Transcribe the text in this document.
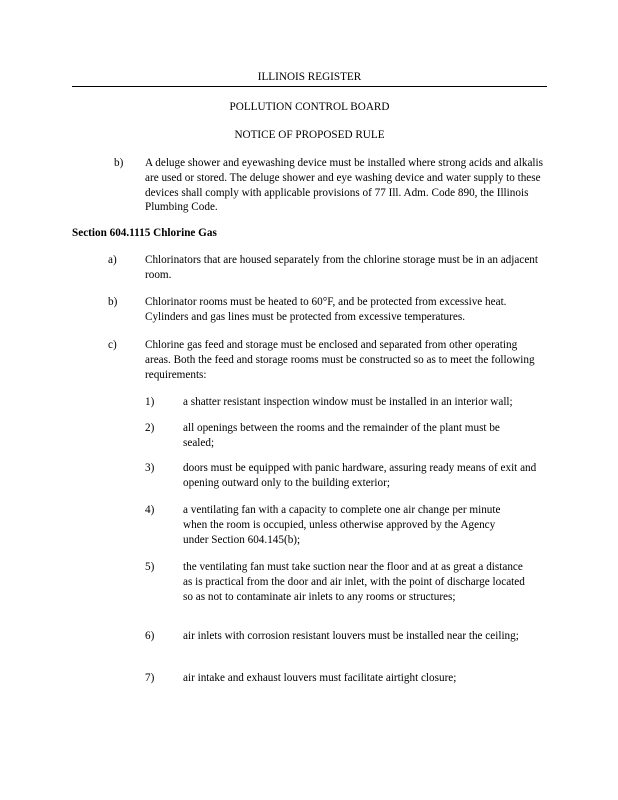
ILLINOIS REGISTER
POLLUTION CONTROL BOARD
NOTICE OF PROPOSED RULE
b) A deluge shower and eyewashing device must be installed where strong acids and alkalis are used or stored. The deluge shower and eye washing device and water supply to these devices shall comply with applicable provisions of 77 Ill. Adm. Code 890, the Illinois Plumbing Code.
Section 604.1115 Chlorine Gas
a)	Chlorinators that are housed separately from the chlorine storage must be in an adjacent room.
b) Chlorinator rooms must be heated to 60°F, and be protected from excessive heat. Cylinders and gas lines must be protected from excessive temperatures.
c)	Chlorine gas feed and storage must be enclosed and separated from other operating areas. Both the feed and storage rooms must be constructed so as to meet the following requirements:
1)	a shatter resistant inspection window must be installed in an interior wall;
2)	all openings between the rooms and the remainder of the plant must be sealed;
3)	doors must be equipped with panic hardware, assuring ready means of exit and opening outward only to the building exterior;
4)	a ventilating fan with a capacity to complete one air change per minute when the room is occupied, unless otherwise approved by the Agency under Section 604.145(b);
5)	the ventilating fan must take suction near the floor and at as great a distance as is practical from the door and air inlet, with the point of discharge located so as not to contaminate air inlets to any rooms or structures;
6)	air inlets with corrosion resistant louvers must be installed near the ceiling;
7)	air intake and exhaust louvers must facilitate airtight closure;
